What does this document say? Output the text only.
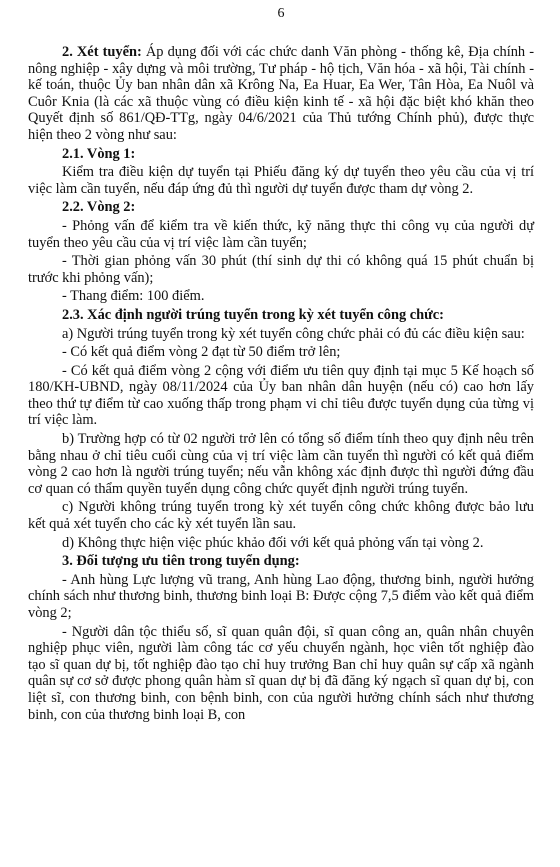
6

2. Xét tuyển: Áp dụng đối với các chức danh Văn phòng - thống kê, Địa chính - nông nghiệp - xây dựng và môi trường, Tư pháp - hộ tịch, Văn hóa - xã hội, Tài chính - kế toán, thuộc Ủy ban nhân dân xã Krông Na, Ea Huar, Ea Wer, Tân Hòa, Ea Nuôl và Cuôr Knia (là các xã thuộc vùng có điều kiện kinh tế - xã hội đặc biệt khó khăn theo Quyết định số 861/QĐ-TTg, ngày 04/6/2021 của Thủ tướng Chính phủ), được thực hiện theo 2 vòng như sau:

2.1. Vòng 1:

Kiểm tra điều kiện dự tuyển tại Phiếu đăng ký dự tuyển theo yêu cầu của vị trí việc làm cần tuyển, nếu đáp ứng đủ thì người dự tuyển được tham dự vòng 2.

2.2. Vòng 2:

- Phỏng vấn để kiểm tra về kiến thức, kỹ năng thực thi công vụ của người dự tuyển theo yêu cầu của vị trí việc làm cần tuyển;

- Thời gian phỏng vấn 30 phút (thí sinh dự thi có không quá 15 phút chuẩn bị trước khi phỏng vấn);

- Thang điểm: 100 điểm.

2.3. Xác định người trúng tuyển trong kỳ xét tuyển công chức:

a) Người trúng tuyển trong kỳ xét tuyển công chức phải có đủ các điều kiện sau:

- Có kết quả điểm vòng 2 đạt từ 50 điểm trở lên;

- Có kết quả điểm vòng 2 cộng với điểm ưu tiên quy định tại mục 5 Kế hoạch số 180/KH-UBND, ngày 08/11/2024 của Ủy ban nhân dân huyện (nếu có) cao hơn lấy theo thứ tự điểm từ cao xuống thấp trong phạm vi chỉ tiêu được tuyển dụng của từng vị trí việc làm.

b) Trường hợp có từ 02 người trở lên có tổng số điểm tính theo quy định nêu trên bằng nhau ở chỉ tiêu cuối cùng của vị trí việc làm cần tuyển thì người có kết quả điểm vòng 2 cao hơn là người trúng tuyển; nếu vẫn không xác định được thì người đứng đầu cơ quan có thẩm quyền tuyển dụng công chức quyết định người trúng tuyển.

c) Người không trúng tuyển trong kỳ xét tuyển công chức không được bảo lưu kết quả xét tuyển cho các kỳ xét tuyển lần sau.

d) Không thực hiện việc phúc khảo đối với kết quả phỏng vấn tại vòng 2.

3. Đối tượng ưu tiên trong tuyển dụng:

- Anh hùng Lực lượng vũ trang, Anh hùng Lao động, thương binh, người hưởng chính sách như thương binh, thương binh loại B: Được cộng 7,5 điểm vào kết quả điểm vòng 2;

- Người dân tộc thiểu số, sĩ quan quân đội, sĩ quan công an, quân nhân chuyên nghiệp phục viên, người làm công tác cơ yếu chuyển ngành, học viên tốt nghiệp đào tạo sĩ quan dự bị, tốt nghiệp đào tạo chỉ huy trưởng Ban chỉ huy quân sự cấp xã ngành quân sự cơ sở được phong quân hàm sĩ quan dự bị đã đăng ký ngạch sĩ quan dự bị, con liệt sĩ, con thương binh, con bệnh binh, con của người hưởng chính sách như thương binh, con của thương binh loại B, con
